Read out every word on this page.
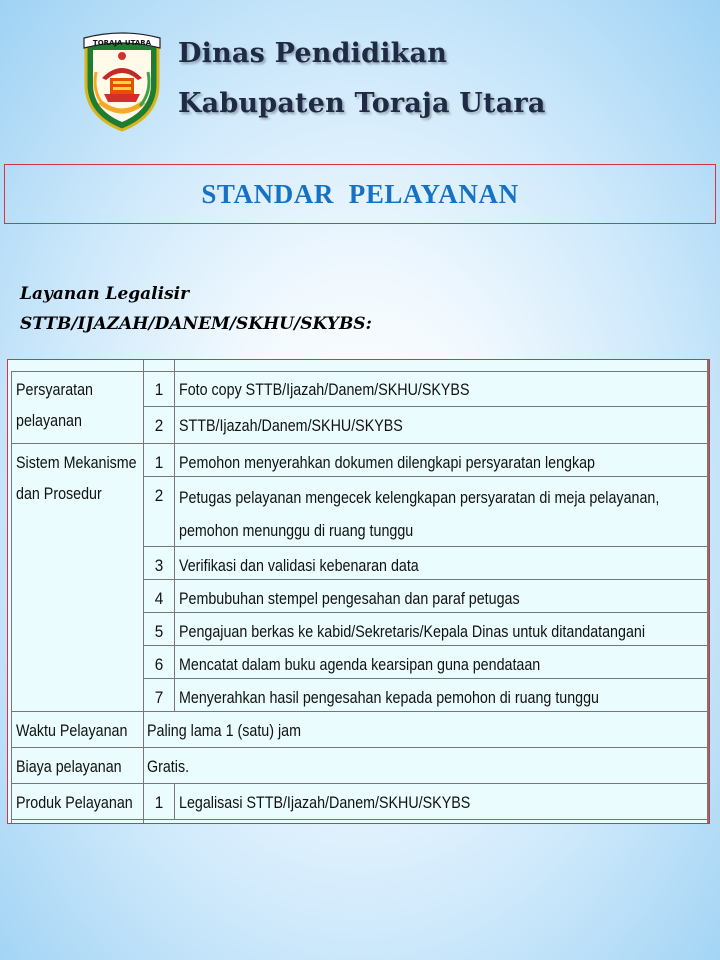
TORAJA UTARA Dinas Pendidikan
Kabupaten Toraja Utara
STANDAR  PELAYANAN

Layanan Legalisir

STTB/IJAZAH/DANEM/SKHU/SKYBS:

Persyaratan pelayanan
1 Foto copy STTB/Ijazah/Danem/SKHU/SKYBS
2 STTB/Ijazah/Danem/SKHU/SKYBS
Sistem Mekanisme dan Prosedur
1 Pemohon menyerahkan dokumen dilengkapi persyaratan lengkap
2 Petugas pelayanan mengecek kelengkapan persyaratan di meja pelayanan, pemohon menunggu di ruang tunggu
3 Verifikasi dan validasi kebenaran data
4 Pembubuhan stempel pengesahan dan paraf petugas
5 Pengajuan berkas ke kabid/Sekretaris/Kepala Dinas untuk ditandatangani
6 Mencatat dalam buku agenda kearsipan guna pendataan
7 Menyerahkan hasil pengesahan kepada pemohon di ruang tunggu
Waktu Pelayanan Paling lama 1 (satu) jam
Biaya pelayanan Gratis.
Produk Pelayanan	1 Legalisasi STTB/Ijazah/Danem/SKHU/SKYBS
